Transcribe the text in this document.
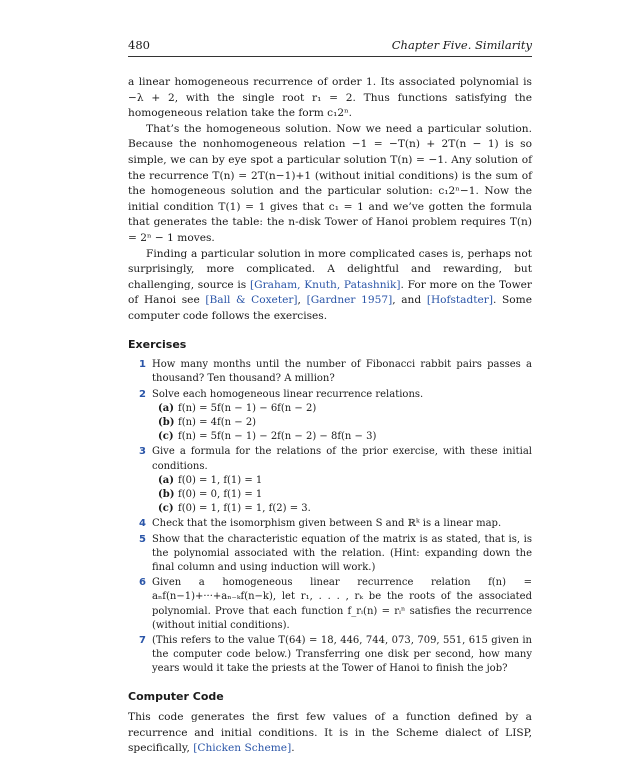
480	Chapter Five. Similarity

a linear homogeneous recurrence of order 1. Its associated polynomial is −λ + 2, with the single root r₁ = 2. Thus functions satisfying the homogeneous relation take the form c₁2ⁿ.

That’s the homogeneous solution. Now we need a particular solution. Because the nonhomogeneous relation −1 = −T(n) + 2T(n − 1) is so simple, we can by eye spot a particular solution T(n) = −1. Any solution of the recurrence T(n) = 2T(n−1)+1 (without initial conditions) is the sum of the homogeneous solution and the particular solution: c₁2ⁿ−1. Now the initial condition T(1) = 1 gives that c₁ = 1 and we’ve gotten the formula that generates the table: the n-disk Tower of Hanoi problem requires T(n) = 2ⁿ − 1 moves.

Finding a particular solution in more complicated cases is, perhaps not surprisingly, more complicated. A delightful and rewarding, but challenging, source is [Graham, Knuth, Patashnik]. For more on the Tower of Hanoi see [Ball & Coxeter], [Gardner 1957], and [Hofstadter]. Some computer code follows the exercises.

Exercises
1 How many months until the number of Fibonacci rabbit pairs passes a thousand? Ten thousand? A million?
2 Solve each homogeneous linear recurrence relations.
(a) f(n) = 5f(n − 1) − 6f(n − 2)
(b) f(n) = 4f(n − 2)
(c) f(n) = 5f(n − 1) − 2f(n − 2) − 8f(n − 3)
3 Give a formula for the relations of the prior exercise, with these initial conditions.
(a) f(0) = 1, f(1) = 1
(b) f(0) = 0, f(1) = 1
(c) f(0) = 1, f(1) = 1, f(2) = 3.
4 Check that the isomorphism given between S and ℝᵏ is a linear map.
5 Show that the characteristic equation of the matrix is as stated, that is, is the polynomial associated with the relation. (Hint: expanding down the final column and using induction will work.)
6 Given a homogeneous linear recurrence relation f(n) = aₙf(n−1)+···+aₙ₋ₖf(n−k), let r₁, . . . , rₖ be the roots of the associated polynomial. Prove that each function f_rᵢ(n) = rᵢⁿ satisfies the recurrence (without initial conditions).
7 (This refers to the value T(64) = 18, 446, 744, 073, 709, 551, 615 given in the computer code below.) Transferring one disk per second, how many years would it take the priests at the Tower of Hanoi to finish the job?
Computer Code

This code generates the first few values of a function defined by a recurrence and initial conditions. It is in the Scheme dialect of LISP, specifically, [Chicken Scheme].
